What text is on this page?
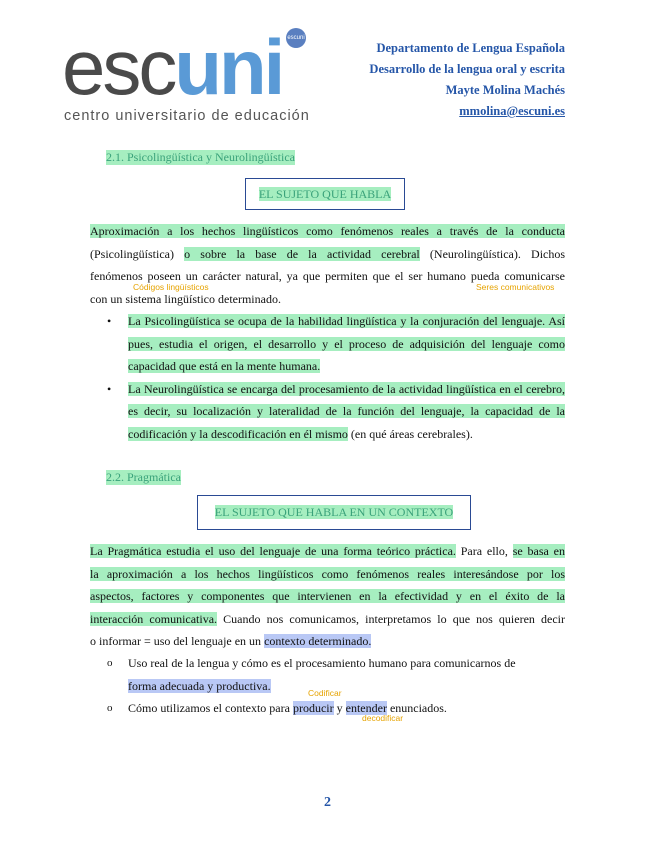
escuni escuni
centro universitario de educación
Departamento de Lengua Española
Desarrollo de la lengua oral y escrita
Mayte Molina Machés
mmolina@escuni.es
2.1. Psicolingüística y Neurolingüística
EL SUJETO QUE HABLA
Aproximación a los hechos lingüísticos como fenómenos reales a través de la conducta
(Psicolingüística) o sobre la base de la actividad cerebral (Neurolingüística). Dichos
fenómenos poseen un carácter natural, ya que permiten que el ser humano pueda comunicarse
con un sistema lingüístico determinado.
Códigos lingüísticos	Seres comunicativos
• La Psicolingüística se ocupa de la habilidad lingüística y la conjuración del lenguaje. Así pues, estudia el origen, el desarrollo y el proceso de adquisición del lenguaje como capacidad que está en la mente humana.
• La Neurolingüística se encarga del procesamiento de la actividad lingüística en el cerebro, es decir, su localización y lateralidad de la función del lenguaje, la capacidad de la codificación y la descodificación en él mismo (en qué áreas cerebrales).
2.2. Pragmática
EL SUJETO QUE HABLA EN UN CONTEXTO
La Pragmática estudia el uso del lenguaje de una forma teórico práctica. Para ello, se basa en
la aproximación a los hechos lingüísticos como fenómenos reales interesándose por los
aspectos, factores y componentes que intervienen en la efectividad y en el éxito de la
interacción comunicativa. Cuando nos comunicamos, interpretamos lo que nos quieren decir
o informar = uso del lenguaje en un contexto determinado.
o Uso real de la lengua y cómo es el procesamiento humano para comunicarnos de
forma adecuada y productiva.
o Cómo utilizamos el contexto para producir y entender enunciados.
Codificar
decodificar
2
